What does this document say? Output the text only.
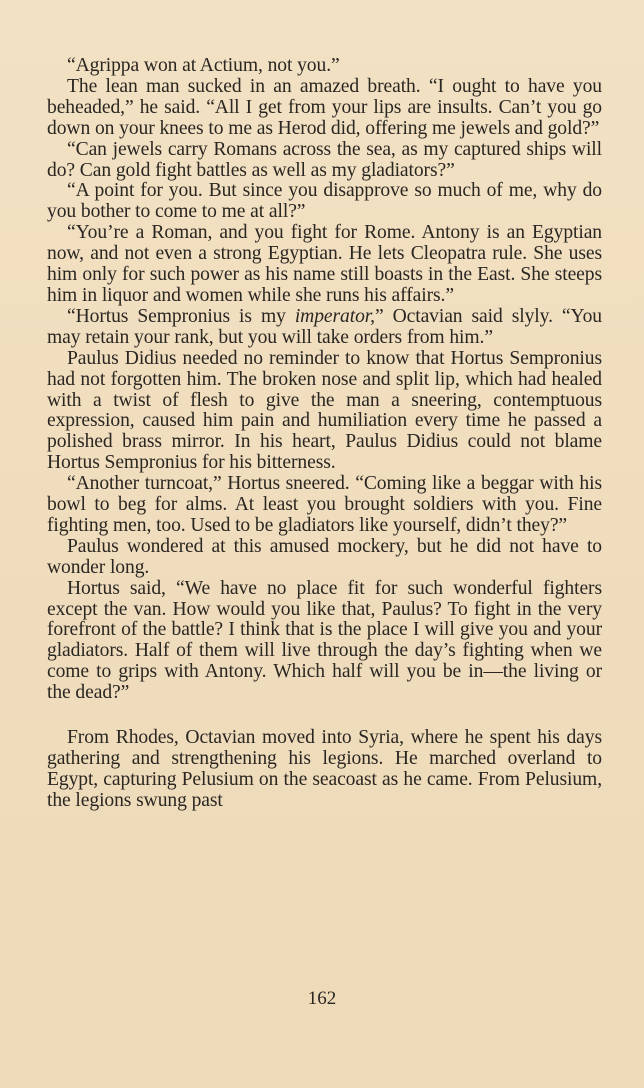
“Agrippa won at Actium, not you.”

The lean man sucked in an amazed breath. “I ought to have you beheaded,” he said. “All I get from your lips are insults. Can’t you go down on your knees to me as Herod did, offering me jewels and gold?”

“Can jewels carry Romans across the sea, as my captured ships will do? Can gold fight battles as well as my gladiators?”

“A point for you. But since you disapprove so much of me, why do you bother to come to me at all?”

“You’re a Roman, and you fight for Rome. Antony is an Egyptian now, and not even a strong Egyptian. He lets Cleopatra rule. She uses him only for such power as his name still boasts in the East. She steeps him in liquor and women while she runs his affairs.”

“Hortus Sempronius is my imperator,” Octavian said slyly. “You may retain your rank, but you will take orders from him.”

Paulus Didius needed no reminder to know that Hortus Sempronius had not forgotten him. The broken nose and split lip, which had healed with a twist of flesh to give the man a sneering, contemptuous expression, caused him pain and humiliation every time he passed a polished brass mirror. In his heart, Paulus Didius could not blame Hortus Sempronius for his bitterness.

“Another turncoat,” Hortus sneered. “Coming like a beggar with his bowl to beg for alms. At least you brought soldiers with you. Fine fighting men, too. Used to be gladiators like yourself, didn’t they?”

Paulus wondered at this amused mockery, but he did not have to wonder long.

Hortus said, “We have no place fit for such wonderful fighters except the van. How would you like that, Paulus? To fight in the very forefront of the battle? I think that is the place I will give you and your gladiators. Half of them will live through the day’s fighting when we come to grips with Antony. Which half will you be in—the living or the dead?”

From Rhodes, Octavian moved into Syria, where he spent his days gathering and strengthening his legions. He marched overland to Egypt, capturing Pelusium on the seacoast as he came. From Pelusium, the legions swung past

162
